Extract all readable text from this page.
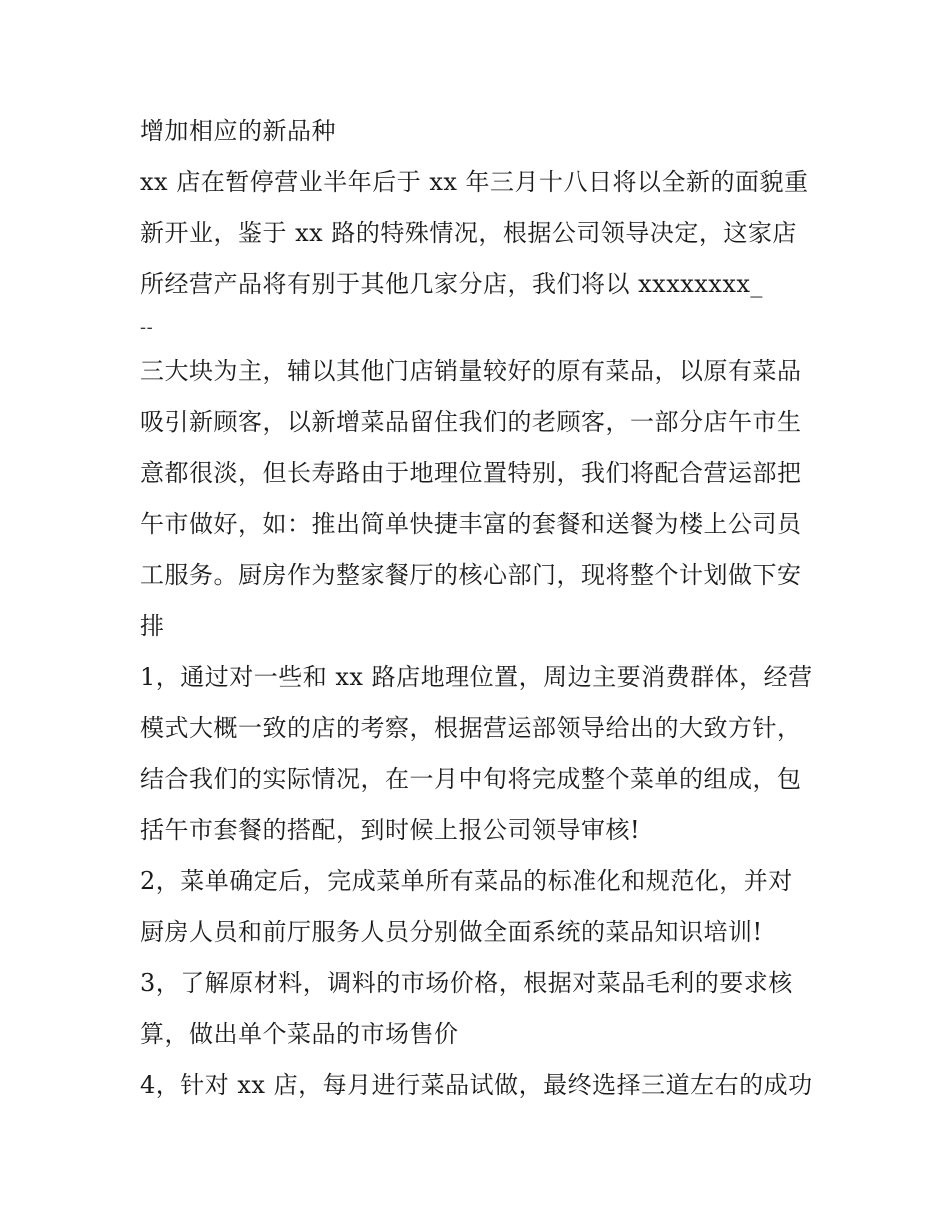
增加相应的新品种
xx 店在暂停营业半年后于 xx 年三月十八日将以全新的面貌重
新开业，鉴于 xx 路的特殊情况，根据公司领导决定，这家店
所经营产品将有别于其他几家分店，我们将以 xxxxxxxx_
--
三大块为主，辅以其他门店销量较好的原有菜品，以原有菜品
吸引新顾客，以新增菜品留住我们的老顾客，一部分店午市生
意都很淡，但长寿路由于地理位置特别，我们将配合营运部把
午市做好，如：推出简单快捷丰富的套餐和送餐为楼上公司员
工服务。厨房作为整家餐厅的核心部门，现将整个计划做下安
排
1，通过对一些和 xx 路店地理位置，周边主要消费群体，经营
模式大概一致的店的考察，根据营运部领导给出的大致方针，
结合我们的实际情况，在一月中旬将完成整个菜单的组成，包
括午市套餐的搭配，到时候上报公司领导审核!
2，菜单确定后，完成菜单所有菜品的标准化和规范化，并对
厨房人员和前厅服务人员分别做全面系统的菜品知识培训!
3，了解原材料，调料的市场价格，根据对菜品毛利的要求核
算，做出单个菜品的市场售价
4，针对 xx 店，每月进行菜品试做，最终选择三道左右的成功
